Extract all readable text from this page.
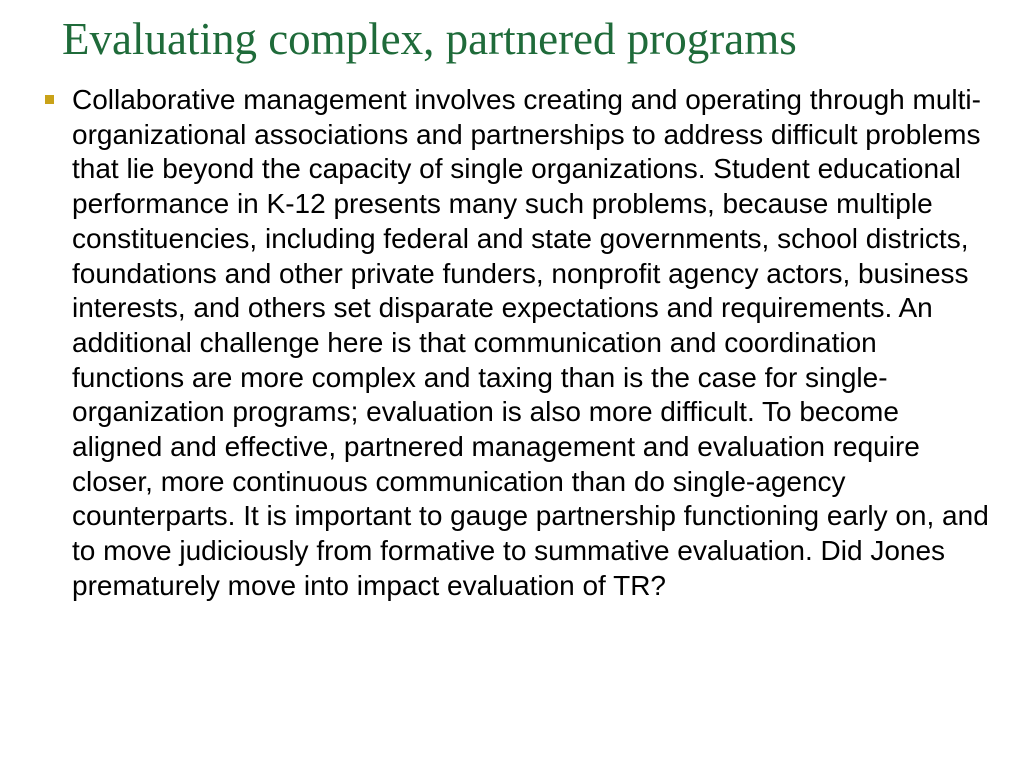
Evaluating complex, partnered programs

Collaborative management involves creating and operating through multi-organizational associations and partnerships to address difficult problems that lie beyond the capacity of single organizations. Student educational performance in K-12 presents many such problems, because multiple constituencies, including federal and state governments, school districts, foundations and other private funders, nonprofit agency actors, business interests, and others set disparate expectations and requirements. An additional challenge here is that communication and coordination functions are more complex and taxing than is the case for single-organization programs; evaluation is also more difficult. To become aligned and effective, partnered management and evaluation require closer, more continuous communication than do single-agency counterparts. It is important to gauge partnership functioning early on, and to move judiciously from formative to summative evaluation. Did Jones prematurely move into impact evaluation of TR?
